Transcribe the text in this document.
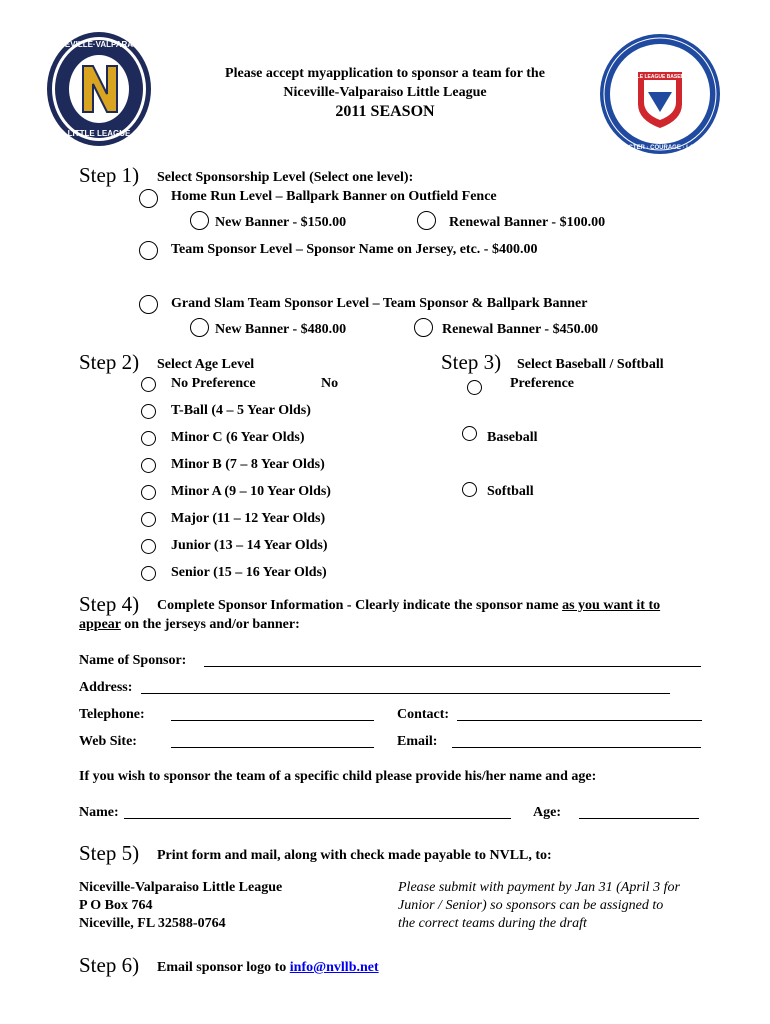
NICEVILLE·VALPARAISO
LITTLE LEAGUE
LITTLE LEAGUE BASEBALL
CHARACTER · COURAGE · LOYALTY
Please accept myapplication to sponsor a team for the
Niceville-Valparaiso Little League
2011 SEASON
Step 1) Select Sponsorship Level (Select one level):
Home Run Level – Ballpark Banner on Outfield Fence
New Banner - $150.00	Renewal Banner - $100.00
Team Sponsor Level – Sponsor Name on Jersey, etc. - $400.00
Grand Slam Team Sponsor Level – Team Sponsor & Ballpark Banner
New Banner - $480.00	Renewal Banner - $450.00
Step 2) Select Age Level
No Preference	No
T-Ball (4 – 5 Year Olds)
Minor C (6 Year Olds)
Minor B (7 – 8 Year Olds)
Minor A (9 – 10 Year Olds)
Major (11 – 12 Year Olds)
Junior (13 – 14 Year Olds)
Senior (15 – 16 Year Olds)
Step 3) Select Baseball / Softball
Preference
Baseball
Softball
Step 4) Complete Sponsor Information - Clearly indicate the sponsor name as you want it to
appear on the jerseys and/or banner:
Name of Sponsor:
Address:
Telephone:	Contact:
Web Site:	Email:
If you wish to sponsor the team of a specific child please provide his/her name and age:
Name:	Age:
Step 5) Print form and mail, along with check made payable to NVLL, to:
Niceville-Valparaiso Little League
P O Box 764
Niceville, FL 32588-0764
Please submit with payment by Jan 31 (April 3 for
Junior / Senior) so sponsors can be assigned to
the correct teams during the draft
Step 6) Email sponsor logo to info@nvllb.net
